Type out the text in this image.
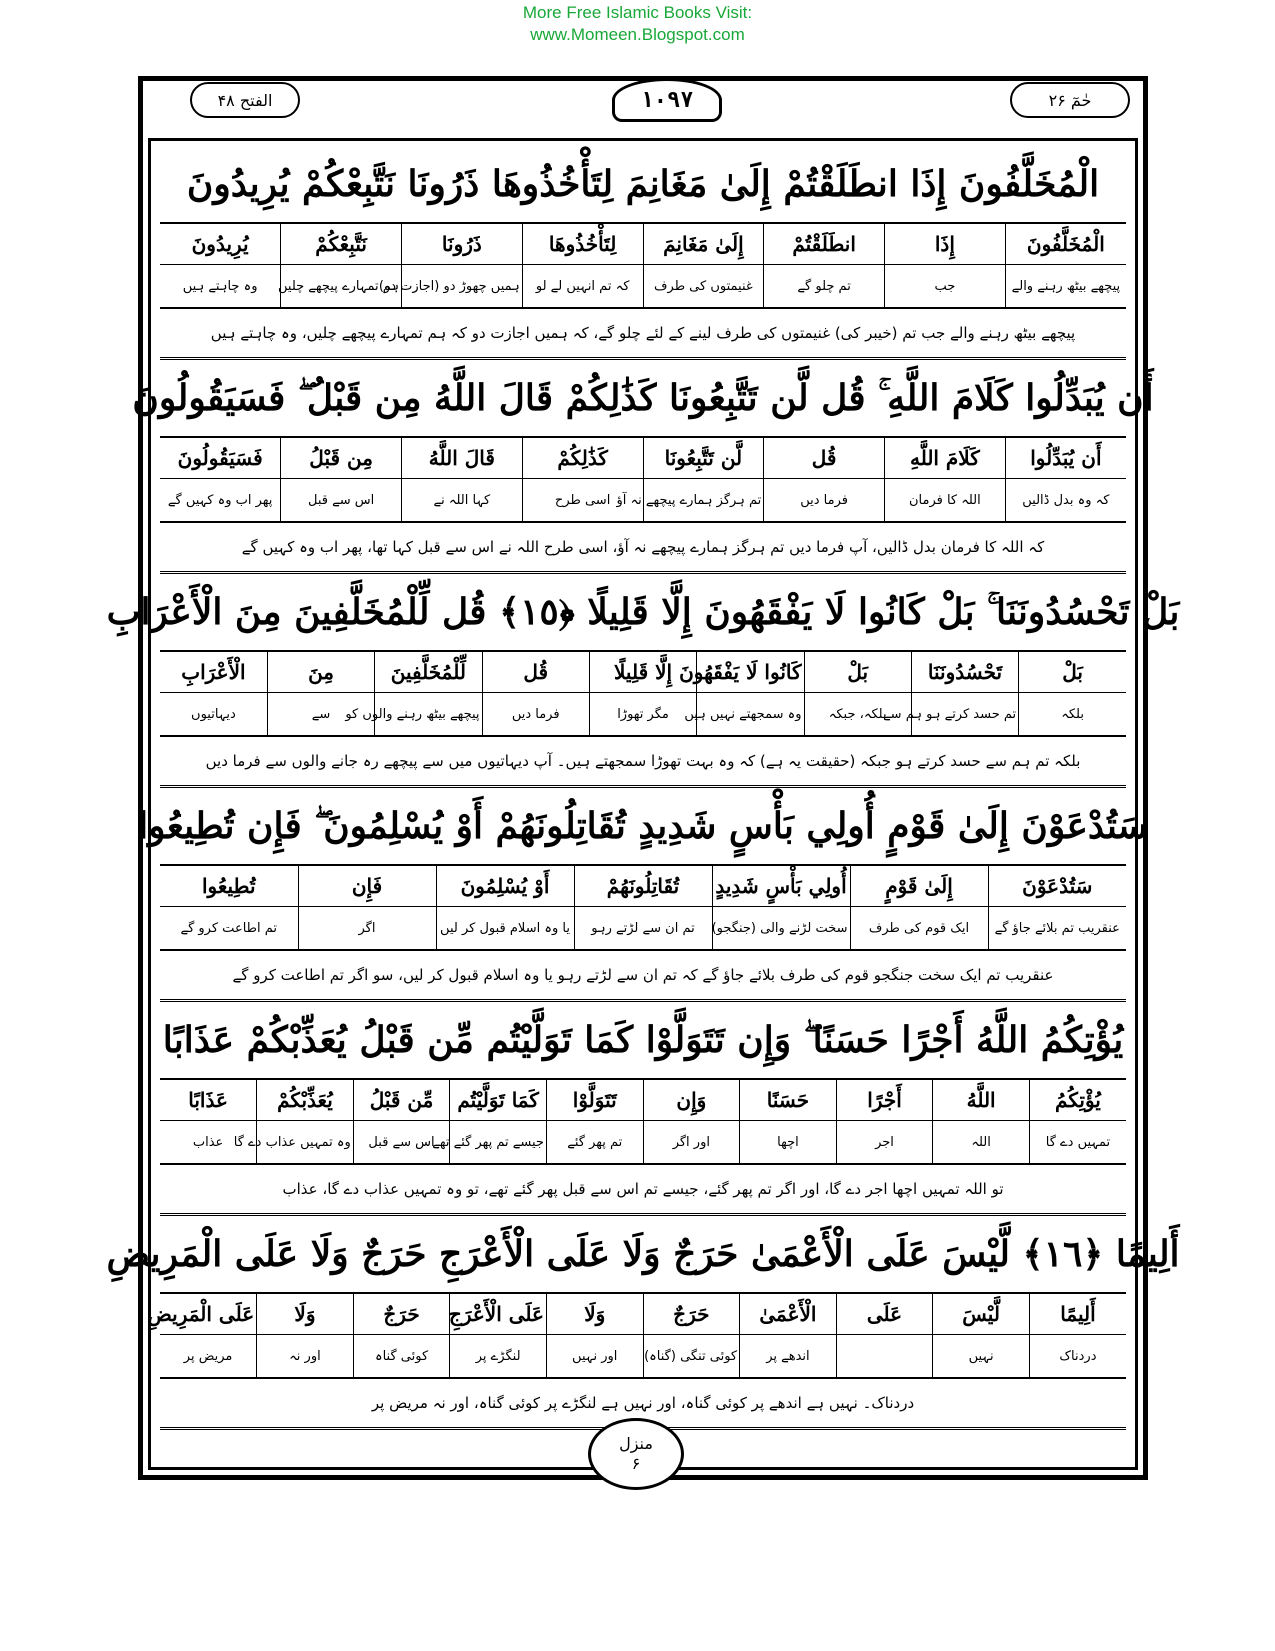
More Free Islamic Books Visit:
www.Momeen.Blogspot.com
الفتح ۴۸	۱۰۹۷	حٰمٓ ۲۶
الْمُخَلَّفُونَ إِذَا انطَلَقْتُمْ إِلَىٰ مَغَانِمَ لِتَأْخُذُوهَا ذَرُونَا نَتَّبِعْكُمْ يُرِيدُونَ
الْمُخَلَّفُونَ	إِذَا	انطَلَقْتُمْ	إِلَىٰ مَغَانِمَ	لِتَأْخُذُوهَا	ذَرُونَا	نَتَّبِعْكُمْ	يُرِيدُونَ
پیچھے بیٹھ رہنے والے	جب	تم چلو گے	غنیمتوں کی طرف	کہ تم انہیں لے لو	ہمیں چھوڑ دو (اجازت دو)	ہم تمہارے پیچھے چلیں	وہ چاہتے ہیں
پیچھے بیٹھ رہنے والے جب تم (خیبر کی) غنیمتوں کی طرف لینے کے لئے چلو گے، کہ ہمیں اجازت دو کہ ہم تمہارے پیچھے چلیں، وہ چاہتے ہیں
أَن يُبَدِّلُوا كَلَامَ اللَّهِ ۚ قُل لَّن تَتَّبِعُونَا كَذَٰلِكُمْ قَالَ اللَّهُ مِن قَبْلُ ۖ فَسَيَقُولُونَ
أَن يُبَدِّلُوا	كَلَامَ اللَّهِ	قُل	لَّن تَتَّبِعُونَا	كَذَٰلِكُمْ	قَالَ اللَّهُ	مِن قَبْلُ	فَسَيَقُولُونَ
کہ وہ بدل ڈالیں	اللہ کا فرمان	فرما دیں	تم ہرگز ہمارے پیچھے نہ آؤ	اسی طرح	کہا اللہ نے	اس سے قبل	پھر اب وہ کہیں گے
کہ اللہ کا فرمان بدل ڈالیں، آپ فرما دیں تم ہرگز ہمارے پیچھے نہ آؤ، اسی طرح اللہ نے اس سے قبل کہا تھا، پھر اب وہ کہیں گے
بَلْ تَحْسُدُونَنَا ۚ بَلْ كَانُوا لَا يَفْقَهُونَ إِلَّا قَلِيلًا ﴿١٥﴾ قُل لِّلْمُخَلَّفِينَ مِنَ الْأَعْرَابِ
بَلْ	تَحْسُدُونَنَا	بَلْ	كَانُوا لَا يَفْقَهُونَ	إِلَّا قَلِيلًا	قُل	لِّلْمُخَلَّفِينَ	مِنَ	الْأَعْرَابِ
بلکہ	تم حسد کرتے ہو ہم سے	بلکہ، جبکہ	وہ سمجھتے نہیں ہیں	مگر تھوڑا	فرما دیں	پیچھے بیٹھ رہنے والوں کو	سے	دیہاتیوں
بلکہ تم ہم سے حسد کرتے ہو جبکہ (حقیقت یہ ہے) کہ وہ بہت تھوڑا سمجھتے ہیں۔ آپ دیہاتیوں میں سے پیچھے رہ جانے والوں سے فرما دیں
سَتُدْعَوْنَ إِلَىٰ قَوْمٍ أُولِي بَأْسٍ شَدِيدٍ تُقَاتِلُونَهُمْ أَوْ يُسْلِمُونَ ۖ فَإِن تُطِيعُوا
سَتُدْعَوْنَ	إِلَىٰ قَوْمٍ	أُولِي بَأْسٍ شَدِيدٍ	تُقَاتِلُونَهُمْ	أَوْ يُسْلِمُونَ	فَإِن	تُطِيعُوا
عنقریب تم بلائے جاؤ گے	ایک قوم کی طرف	سخت لڑنے والی (جنگجو)	تم ان سے لڑتے رہو	یا وہ اسلام قبول کر لیں	اگر	تم اطاعت کرو گے
عنقریب تم ایک سخت جنگجو قوم کی طرف بلائے جاؤ گے کہ تم ان سے لڑتے رہو یا وہ اسلام قبول کر لیں، سو اگر تم اطاعت کرو گے
يُؤْتِكُمُ اللَّهُ أَجْرًا حَسَنًا ۖ وَإِن تَتَوَلَّوْا كَمَا تَوَلَّيْتُم مِّن قَبْلُ يُعَذِّبْكُمْ عَذَابًا
يُؤْتِكُمُ	اللَّهُ	أَجْرًا	حَسَنًا	وَإِن	تَتَوَلَّوْا	كَمَا تَوَلَّيْتُم	مِّن قَبْلُ	يُعَذِّبْكُمْ	عَذَابًا
تمہیں دے گا	اللہ	اجر	اچھا	اور اگر	تم پھر گئے	جیسے تم پھر گئے تھے	اس سے قبل	وہ تمہیں عذاب دے گا	عذاب
تو اللہ تمہیں اچھا اجر دے گا، اور اگر تم پھر گئے، جیسے تم اس سے قبل پھر گئے تھے، تو وہ تمہیں عذاب دے گا، عذاب
أَلِيمًا ﴿١٦﴾ لَّيْسَ عَلَى الْأَعْمَىٰ حَرَجٌ وَلَا عَلَى الْأَعْرَجِ حَرَجٌ وَلَا عَلَى الْمَرِيضِ
أَلِيمًا	لَّيْسَ	عَلَى	الْأَعْمَىٰ	حَرَجٌ	وَلَا	عَلَى الْأَعْرَجِ	حَرَجٌ	وَلَا	عَلَى الْمَرِيضِ
دردناک	نہیں		اندھے پر	کوئی تنگی (گناہ)	اور نہیں	لنگڑے پر	کوئی گناہ	اور نہ	مریض پر
دردناک۔ نہیں ہے اندھے پر کوئی گناہ، اور نہیں ہے لنگڑے پر کوئی گناہ، اور نہ مریض پر
منزل
۶
